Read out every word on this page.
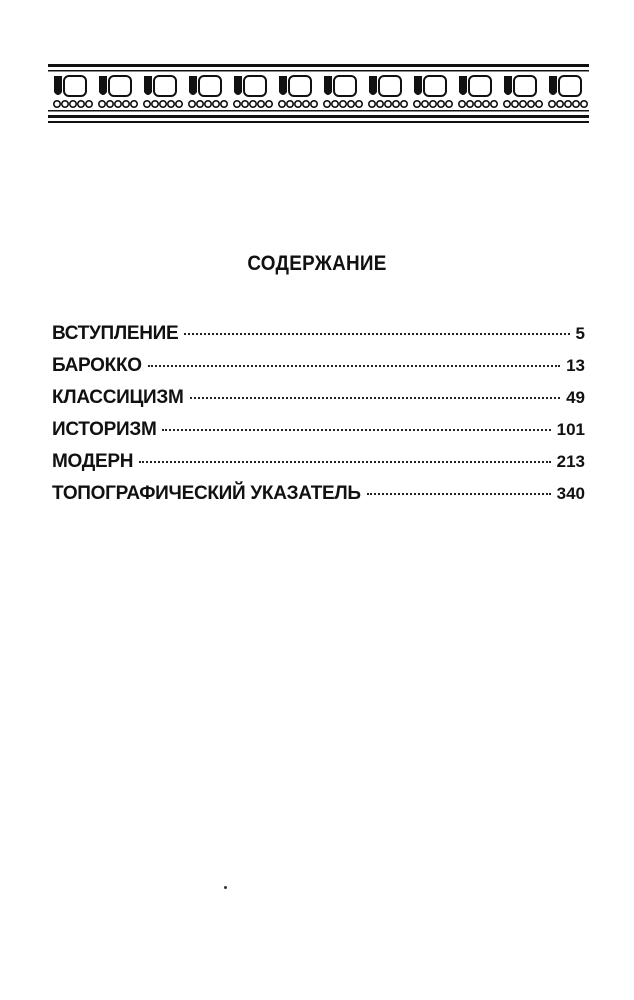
СОДЕРЖАНИЕ
ВСТУПЛЕНИЕ	5
БАРОККО	13
КЛАССИЦИЗМ	49
ИСТОРИЗМ	101
МОДЕРН	213
ТОПОГРАФИЧЕСКИЙ УКАЗАТЕЛЬ	340
